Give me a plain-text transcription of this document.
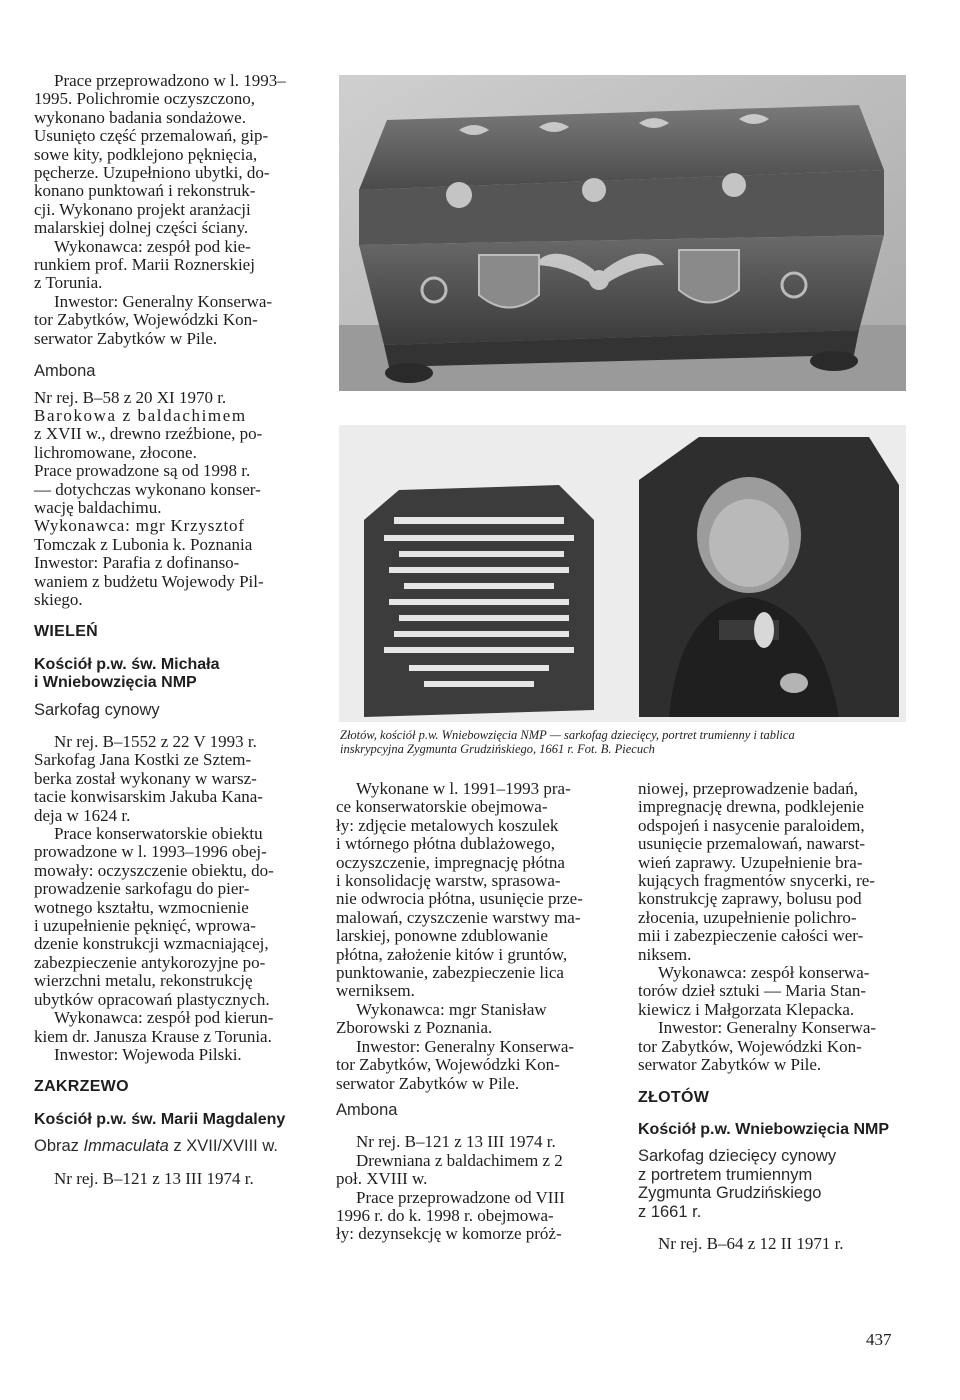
Prace przeprowadzono w l. 1993–

1995. Polichromie oczyszczono,

wykonano badania sondażowe.

Usunięto część przemalowań, gip-

sowe kity, podklejono pęknięcia,

pęcherze. Uzupełniono ubytki, do-

konano punktowań i rekonstruk-

cji. Wykonano projekt aranżacji

malarskiej dolnej części ściany.

Wykonawca: zespół pod kie-

runkiem prof. Marii Roznerskiej

z Torunia.

Inwestor: Generalny Konserwa-

tor Zabytków, Wojewódzki Kon-

serwator Zabytków w Pile.

Ambona

Nr rej. B–58 z 20 XI 1970 r.

Barokowa z baldachimem

z XVII w., drewno rzeźbione, po-

lichromowane, złocone.

Prace prowadzone są od 1998 r.

— dotychczas wykonano konser-

wację baldachimu.

Wykonawca: mgr Krzysztof

Tomczak z Lubonia k. Poznania

Inwestor: Parafia z dofinanso-

waniem z budżetu Wojewody Pil-

skiego.

WIELEŃ

Kościół p.w. św. Michała

i Wniebowzięcia NMP

Sarkofag cynowy

Nr rej. B–1552 z 22 V 1993 r.

Sarkofag Jana Kostki ze Sztem-

berka został wykonany w warsz-

tacie konwisarskim Jakuba Kana-

deja w 1624 r.

Prace konserwatorskie obiektu

prowadzone w l. 1993–1996 obej-

mowały: oczyszczenie obiektu, do-

prowadzenie sarkofagu do pier-

wotnego kształtu, wzmocnienie

i uzupełnienie pęknięć, wprowa-

dzenie konstrukcji wzmacniającej,

zabezpieczenie antykorozyjne po-

wierzchni metalu, rekonstrukcję

ubytków opracowań plastycznych.

Wykonawca: zespół pod kierun-

kiem dr. Janusza Krause z Torunia.

Inwestor: Wojewoda Pilski.

ZAKRZEWO

Kościół p.w. św. Marii Magdaleny

Obraz Immaculata z XVII/XVIII w.

Nr rej. B–121 z 13 III 1974 r.

Złotów, kościół p.w. Wniebowzięcia NMP — sarkofag dziecięcy, portret trumienny i tablica
inskrypcyjna Zygmunta Grudzińskiego, 1661 r. Fot. B. Piecuch

Wykonane w l. 1991–1993 pra-

ce konserwatorskie obejmowa-

ły: zdjęcie metalowych koszulek

i wtórnego płótna dublażowego,

oczyszczenie, impregnację płótna

i konsolidację warstw, sprasowa-

nie odwrocia płótna, usunięcie prze-

malowań, czyszczenie warstwy ma-

larskiej, ponowne zdublowanie

płótna, założenie kitów i gruntów,

punktowanie, zabezpieczenie lica

werniksem.

Wykonawca: mgr Stanisław

Zborowski z Poznania.

Inwestor: Generalny Konserwa-

tor Zabytków, Wojewódzki Kon-

serwator Zabytków w Pile.

Ambona

Nr rej. B–121 z 13 III 1974 r.

Drewniana z baldachimem z 2

poł. XVIII w.

Prace przeprowadzone od VIII

1996 r. do k. 1998 r. obejmowa-

ły: dezynsekcję w komorze próż-

niowej, przeprowadzenie badań,

impregnację drewna, podklejenie

odspojeń i nasycenie paraloidem,

usunięcie przemalowań, nawarst-

wień zaprawy. Uzupełnienie bra-

kujących fragmentów snycerki, re-

konstrukcję zaprawy, bolusu pod

złocenia, uzupełnienie polichro-

mii i zabezpieczenie całości wer-

niksem.

Wykonawca: zespół konserwa-

torów dzieł sztuki — Maria Stan-

kiewicz i Małgorzata Klepacka.

Inwestor: Generalny Konserwa-

tor Zabytków, Wojewódzki Kon-

serwator Zabytków w Pile.

ZŁOTÓW

Kościół p.w. Wniebowzięcia NMP

Sarkofag dziecięcy cynowy

z portretem trumiennym

Zygmunta Grudzińskiego

z 1661 r.

Nr rej. B–64 z 12 II 1971 r.

437
